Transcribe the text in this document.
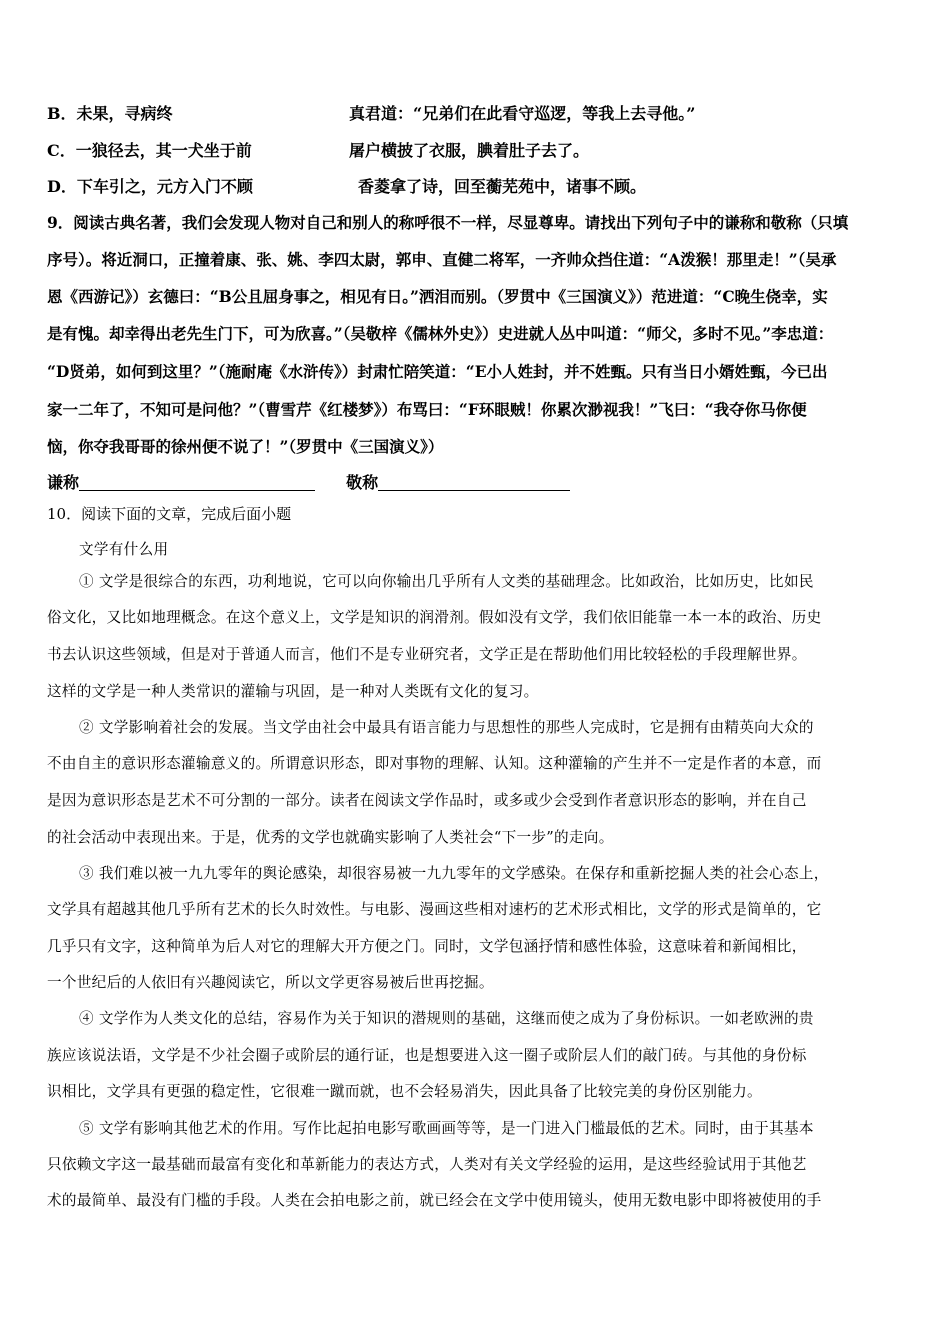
B．未果，寻病终	真君道：“兄弟们在此看守巡逻，等我上去寻他。”
C．一狼径去，其一犬坐于前	屠户横披了衣服，腆着肚子去了。
D．下车引之，元方入门不顾	香菱拿了诗，回至蘅芜苑中，诸事不顾。
9．阅读古典名著，我们会发现人物对自己和别人的称呼很不一样，尽显尊卑。请找出下列句子中的谦称和敬称（只填
序号）。将近洞口，正撞着康、张、姚、李四太尉，郭申、直健二将军，一齐帅众挡住道：“A泼猴！那里走！”（吴承
恩《西游记》）玄德曰：“B公且屈身事之，相见有日。”洒泪而别。（罗贯中《三国演义》）范进道：“C晚生侥幸，实
是有愧。却幸得出老先生门下，可为欣喜。”（吴敬梓《儒林外史》）史进就人丛中叫道：“师父，多时不见。”李忠道：
“D贤弟，如何到这里？”（施耐庵《水浒传》）封肃忙陪笑道：“E小人姓封，并不姓甄。只有当日小婿姓甄，今已出
家一二年了，不知可是问他？”（曹雪芹《红楼梦》）布骂曰：“F环眼贼！你累次渺视我！”飞曰：“我夺你马你便
恼，你夺我哥哥的徐州便不说了！”（罗贯中《三国演义》）
谦称	敬称
10．阅读下面的文章，完成后面小题
文学有什么用
① 文学是很综合的东西，功利地说，它可以向你输出几乎所有人文类的基础理念。比如政治，比如历史，比如民
俗文化，又比如地理概念。在这个意义上，文学是知识的润滑剂。假如没有文学，我们依旧能靠一本一本的政治、历史
书去认识这些领域，但是对于普通人而言，他们不是专业研究者，文学正是在帮助他们用比较轻松的手段理解世界。
这样的文学是一种人类常识的灌输与巩固，是一种对人类既有文化的复习。
② 文学影响着社会的发展。当文学由社会中最具有语言能力与思想性的那些人完成时，它是拥有由精英向大众的
不由自主的意识形态灌输意义的。所谓意识形态，即对事物的理解、认知。这种灌输的产生并不一定是作者的本意，而
是因为意识形态是艺术不可分割的一部分。读者在阅读文学作品时，或多或少会受到作者意识形态的影响，并在自己
的社会活动中表现出来。于是，优秀的文学也就确实影响了人类社会“下一步”的走向。
③ 我们难以被一九九零年的舆论感染，却很容易被一九九零年的文学感染。在保存和重新挖掘人类的社会心态上，
文学具有超越其他几乎所有艺术的长久时效性。与电影、漫画这些相对速朽的艺术形式相比，文学的形式是简单的，它
几乎只有文字，这种简单为后人对它的理解大开方便之门。同时，文学包涵抒情和感性体验，这意味着和新闻相比，
一个世纪后的人依旧有兴趣阅读它，所以文学更容易被后世再挖掘。
④ 文学作为人类文化的总结，容易作为关于知识的潜规则的基础，这继而使之成为了身份标识。一如老欧洲的贵
族应该说法语，文学是不少社会圈子或阶层的通行证，也是想要进入这一圈子或阶层人们的敲门砖。与其他的身份标
识相比，文学具有更强的稳定性，它很难一蹴而就，也不会轻易消失，因此具备了比较完美的身份区别能力。
⑤ 文学有影响其他艺术的作用。写作比起拍电影写歌画画等等，是一门进入门槛最低的艺术。同时，由于其基本
只依赖文字这一最基础而最富有变化和革新能力的表达方式，人类对有关文学经验的运用，是这些经验试用于其他艺
术的最简单、最没有门槛的手段。人类在会拍电影之前，就已经会在文学中使用镜头，使用无数电影中即将被使用的手
